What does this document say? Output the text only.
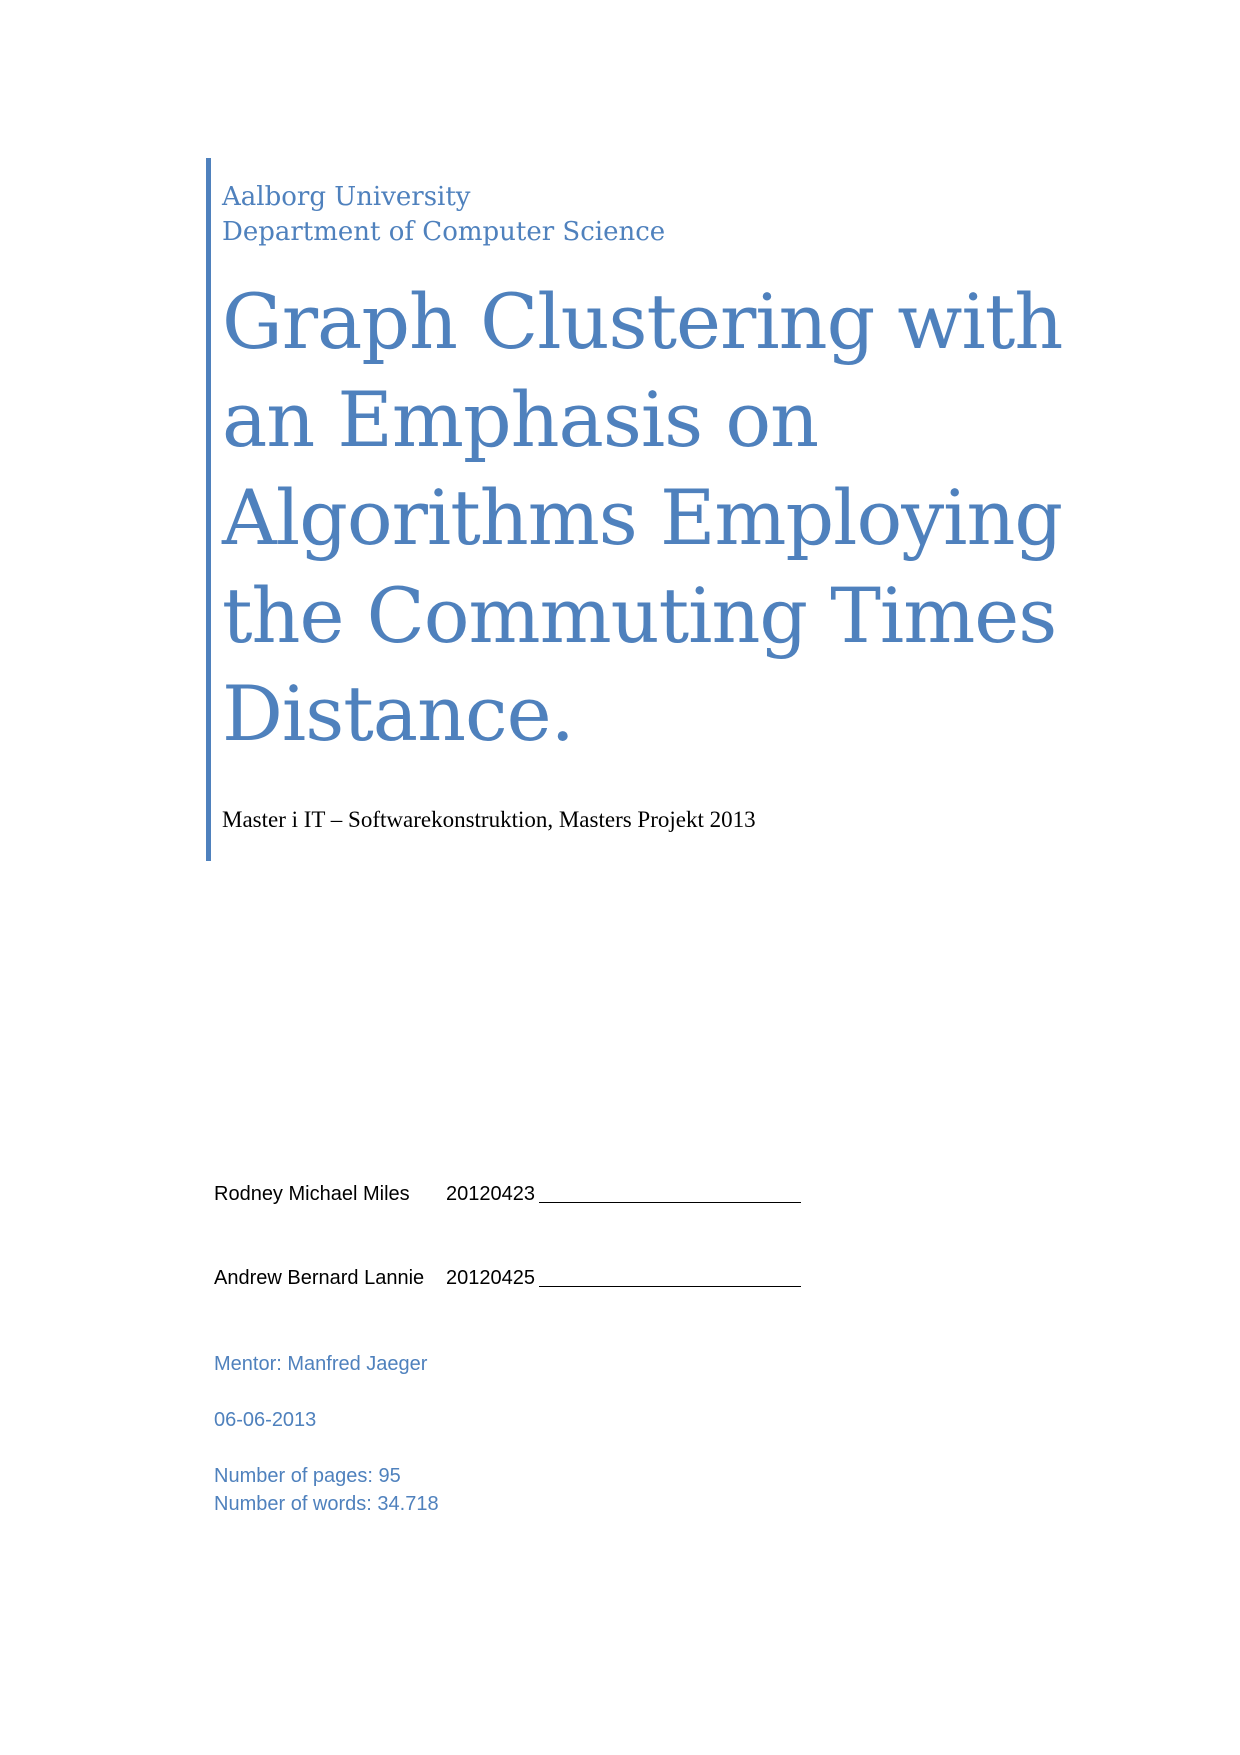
Aalborg University
Department of Computer Science
Graph Clustering with
an Emphasis on
Algorithms Employing
the Commuting Times
Distance.
Master i IT – Softwarekonstruktion, Masters Projekt 2013
Rodney Michael Miles	20120423
Andrew Bernard Lannie	20120425
Mentor: Manfred Jaeger
06-06-2013
Number of pages: 95
Number of words: 34.718
